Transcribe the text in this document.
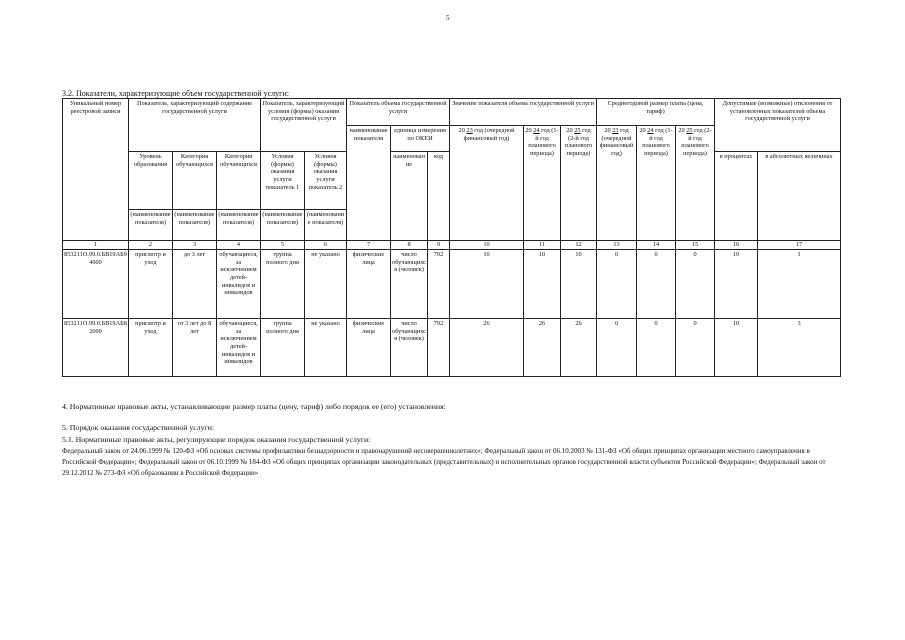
5
3.2. Показатели, характеризующие объем государственной услуги:
Уникальный номер реестровой записи	Показатель, характеризующий содержание государственной услуги			Показатель, характеризующий условия (формы) оказания государственной услуги		Показатель объема государственной услуги			Значение показателя объема государственной услуги			Среднегодовой размер платы (цена, тариф)			Допустимые (возможные) отклонения от установленных показателей объема государственной услуги	
						наименование показателя	единица измерения по ОКЕИ		20 23 год (очередной финансовый год)	20 24 год (1-й год планового периода)	20 25 год (2-й год планового периода)	20 23 год (очередной финансовый год)	20 24 год (1-й год планового периода)	20 25 год (2-й год планового периода)		
	Уровень образования	Категория обучающихся	Категория обучающихся	Условия (формы) оказания услуги показатель 1	Условия (формы) оказания услуги показатель 2		наименование	код							в процентах	в абсолютных величинах
	(наименование показателя)	(наименование показателя)	(наименование показателя)	(наименование показателя)	(наименование показателя)											
1	2	3	4	5	6	7	8	9	10	11	12	13	14	15	16	17
853211О.99.0.БВ19АБ94000	присмотр и уход	до 3 лет	обучающиеся, за исключением детей-инвалидов и инвалидов	группа полного дня	не указано	физические лица	число обучающихся (человек)	792	10	10	10	0	0	0	10	1
853211О.99.0.БВ19АБ82000	присмотр и уход	от 3 лет до 8 лет	обучающиеся, за исключением детей-инвалидов и инвалидов	группа полного дня	не указано	физические лица	число обучающихся (человек)	792	26	26	26	0	0	0	10	3
4. Нормативные правовые акты, устанавливающие размер платы (цену, тариф) либо порядок ее (его) установления:
5. Порядок оказания государственной услуги:
5.1. Нормативные правовые акты, регулирующие порядок оказания государственной услуги:
Федеральный закон от 24.06.1999 № 120-ФЗ «Об основах системы профилактики безнадзорности и правонарушений несовершеннолетних»; Федеральный закон от 06.10.2003 № 131-ФЗ «Об общих принципах организации местного самоуправления в Российской Федерации»; Федеральный закон от 06.10.1999 № 184-ФЗ «Об общих принципах организации законодательных (представительных) и исполнительных органов государственной власти субъектов Российской Федерации»; Федеральный закон от 29.12.2012 № 273-ФЗ «Об образовании в Российской Федерации»
